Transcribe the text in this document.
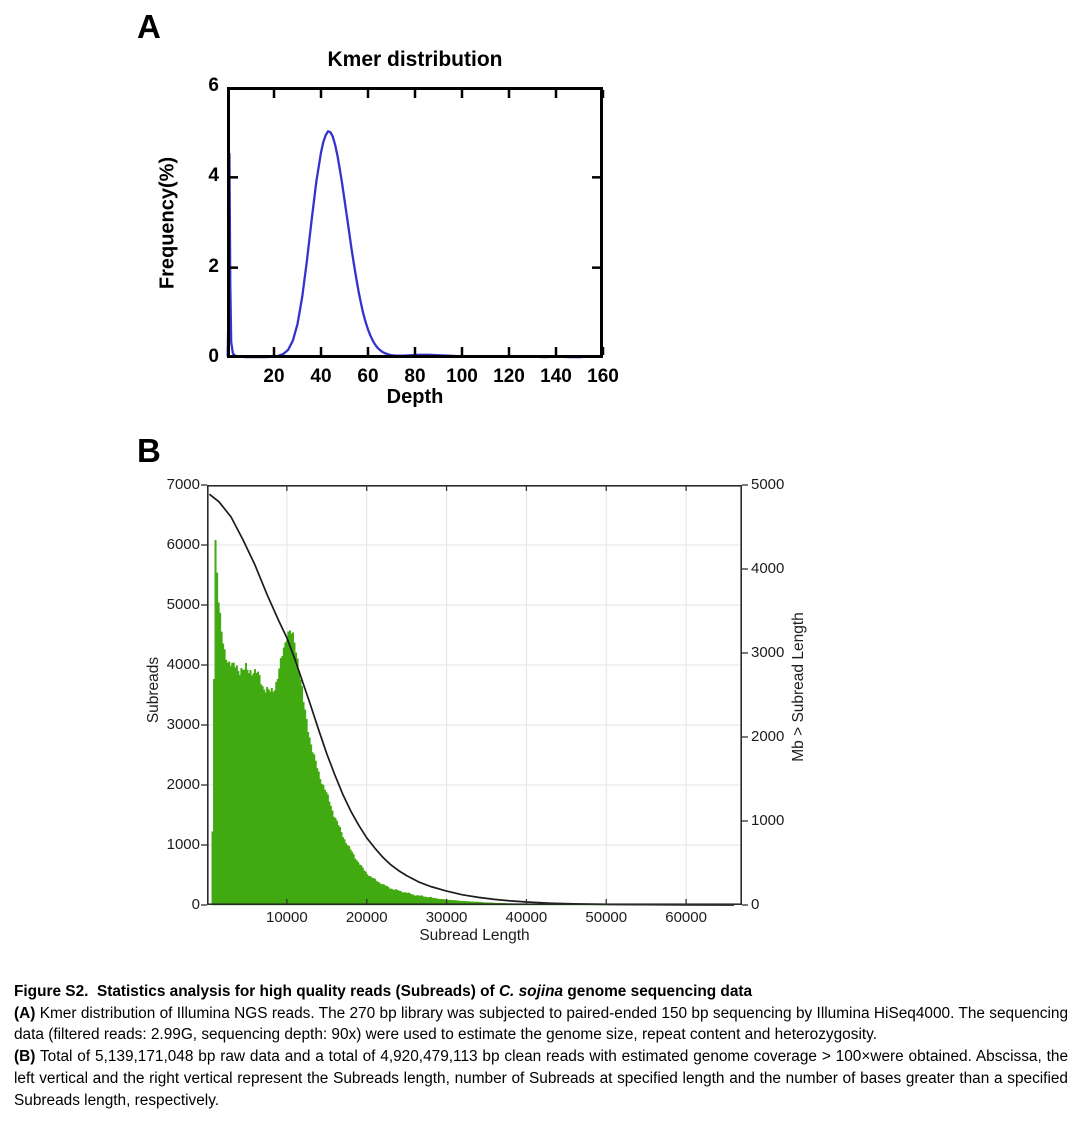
A
Kmer distribution
Frequency(%)
Depth
B
Subreads	Mb > Subread Length
Subread Length

Figure S2.  Statistics analysis for high quality reads (Subreads) of C. sojina genome sequencing data

(A) Kmer distribution of Illumina NGS reads. The 270 bp library was subjected to paired-ended 150 bp sequencing by Illumina HiSeq4000. The sequencing data (filtered reads: 2.99G, sequencing depth: 90x) were used to estimate the genome size, repeat content and heterozygosity.

(B) Total of 5,139,171,048 bp raw data and a total of 4,920,479,113 bp clean reads with estimated genome coverage > 100×were obtained. Abscissa, the left vertical and the right vertical represent the Subreads length, number of Subreads at specified length and the number of bases greater than a specified Subreads length, respectively.

20	40	60	80	100 120 140 160
0
2
4
6
10000	20000	30000	40000	50000	60000
0
1000
2000
3000
4000
5000
6000
7000
0
1000
2000
3000
4000
5000
